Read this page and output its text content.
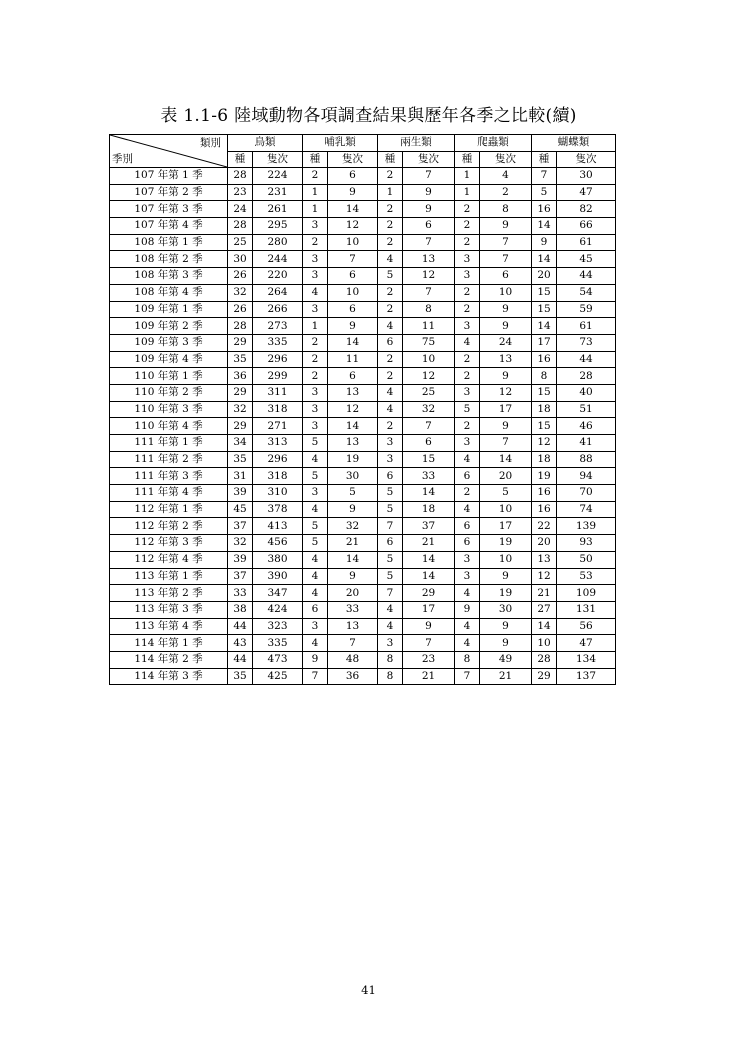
表 1.1-6 陸域動物各項調查結果與歷年各季之比較(續)
類別
季別	鳥類		哺乳類		兩生類		爬蟲類		蝴蝶類	
	種	隻次	種	隻次	種	隻次	種	隻次	種	隻次
107 年第 1 季	28	224	2	6	2	7	1	4	7	30
107 年第 2 季	23	231	1	9	1	9	1	2	5	47
107 年第 3 季	24	261	1	14	2	9	2	8	16	82
107 年第 4 季	28	295	3	12	2	6	2	9	14	66
108 年第 1 季	25	280	2	10	2	7	2	7	9	61
108 年第 2 季	30	244	3	7	4	13	3	7	14	45
108 年第 3 季	26	220	3	6	5	12	3	6	20	44
108 年第 4 季	32	264	4	10	2	7	2	10	15	54
109 年第 1 季	26	266	3	6	2	8	2	9	15	59
109 年第 2 季	28	273	1	9	4	11	3	9	14	61
109 年第 3 季	29	335	2	14	6	75	4	24	17	73
109 年第 4 季	35	296	2	11	2	10	2	13	16	44
110 年第 1 季	36	299	2	6	2	12	2	9	8	28
110 年第 2 季	29	311	3	13	4	25	3	12	15	40
110 年第 3 季	32	318	3	12	4	32	5	17	18	51
110 年第 4 季	29	271	3	14	2	7	2	9	15	46
111 年第 1 季	34	313	5	13	3	6	3	7	12	41
111 年第 2 季	35	296	4	19	3	15	4	14	18	88
111 年第 3 季	31	318	5	30	6	33	6	20	19	94
111 年第 4 季	39	310	3	5	5	14	2	5	16	70
112 年第 1 季	45	378	4	9	5	18	4	10	16	74
112 年第 2 季	37	413	5	32	7	37	6	17	22	139
112 年第 3 季	32	456	5	21	6	21	6	19	20	93
112 年第 4 季	39	380	4	14	5	14	3	10	13	50
113 年第 1 季	37	390	4	9	5	14	3	9	12	53
113 年第 2 季	33	347	4	20	7	29	4	19	21	109
113 年第 3 季	38	424	6	33	4	17	9	30	27	131
113 年第 4 季	44	323	3	13	4	9	4	9	14	56
114 年第 1 季	43	335	4	7	3	7	4	9	10	47
114 年第 2 季	44	473	9	48	8	23	8	49	28	134
114 年第 3 季	35	425	7	36	8	21	7	21	29	137
41
